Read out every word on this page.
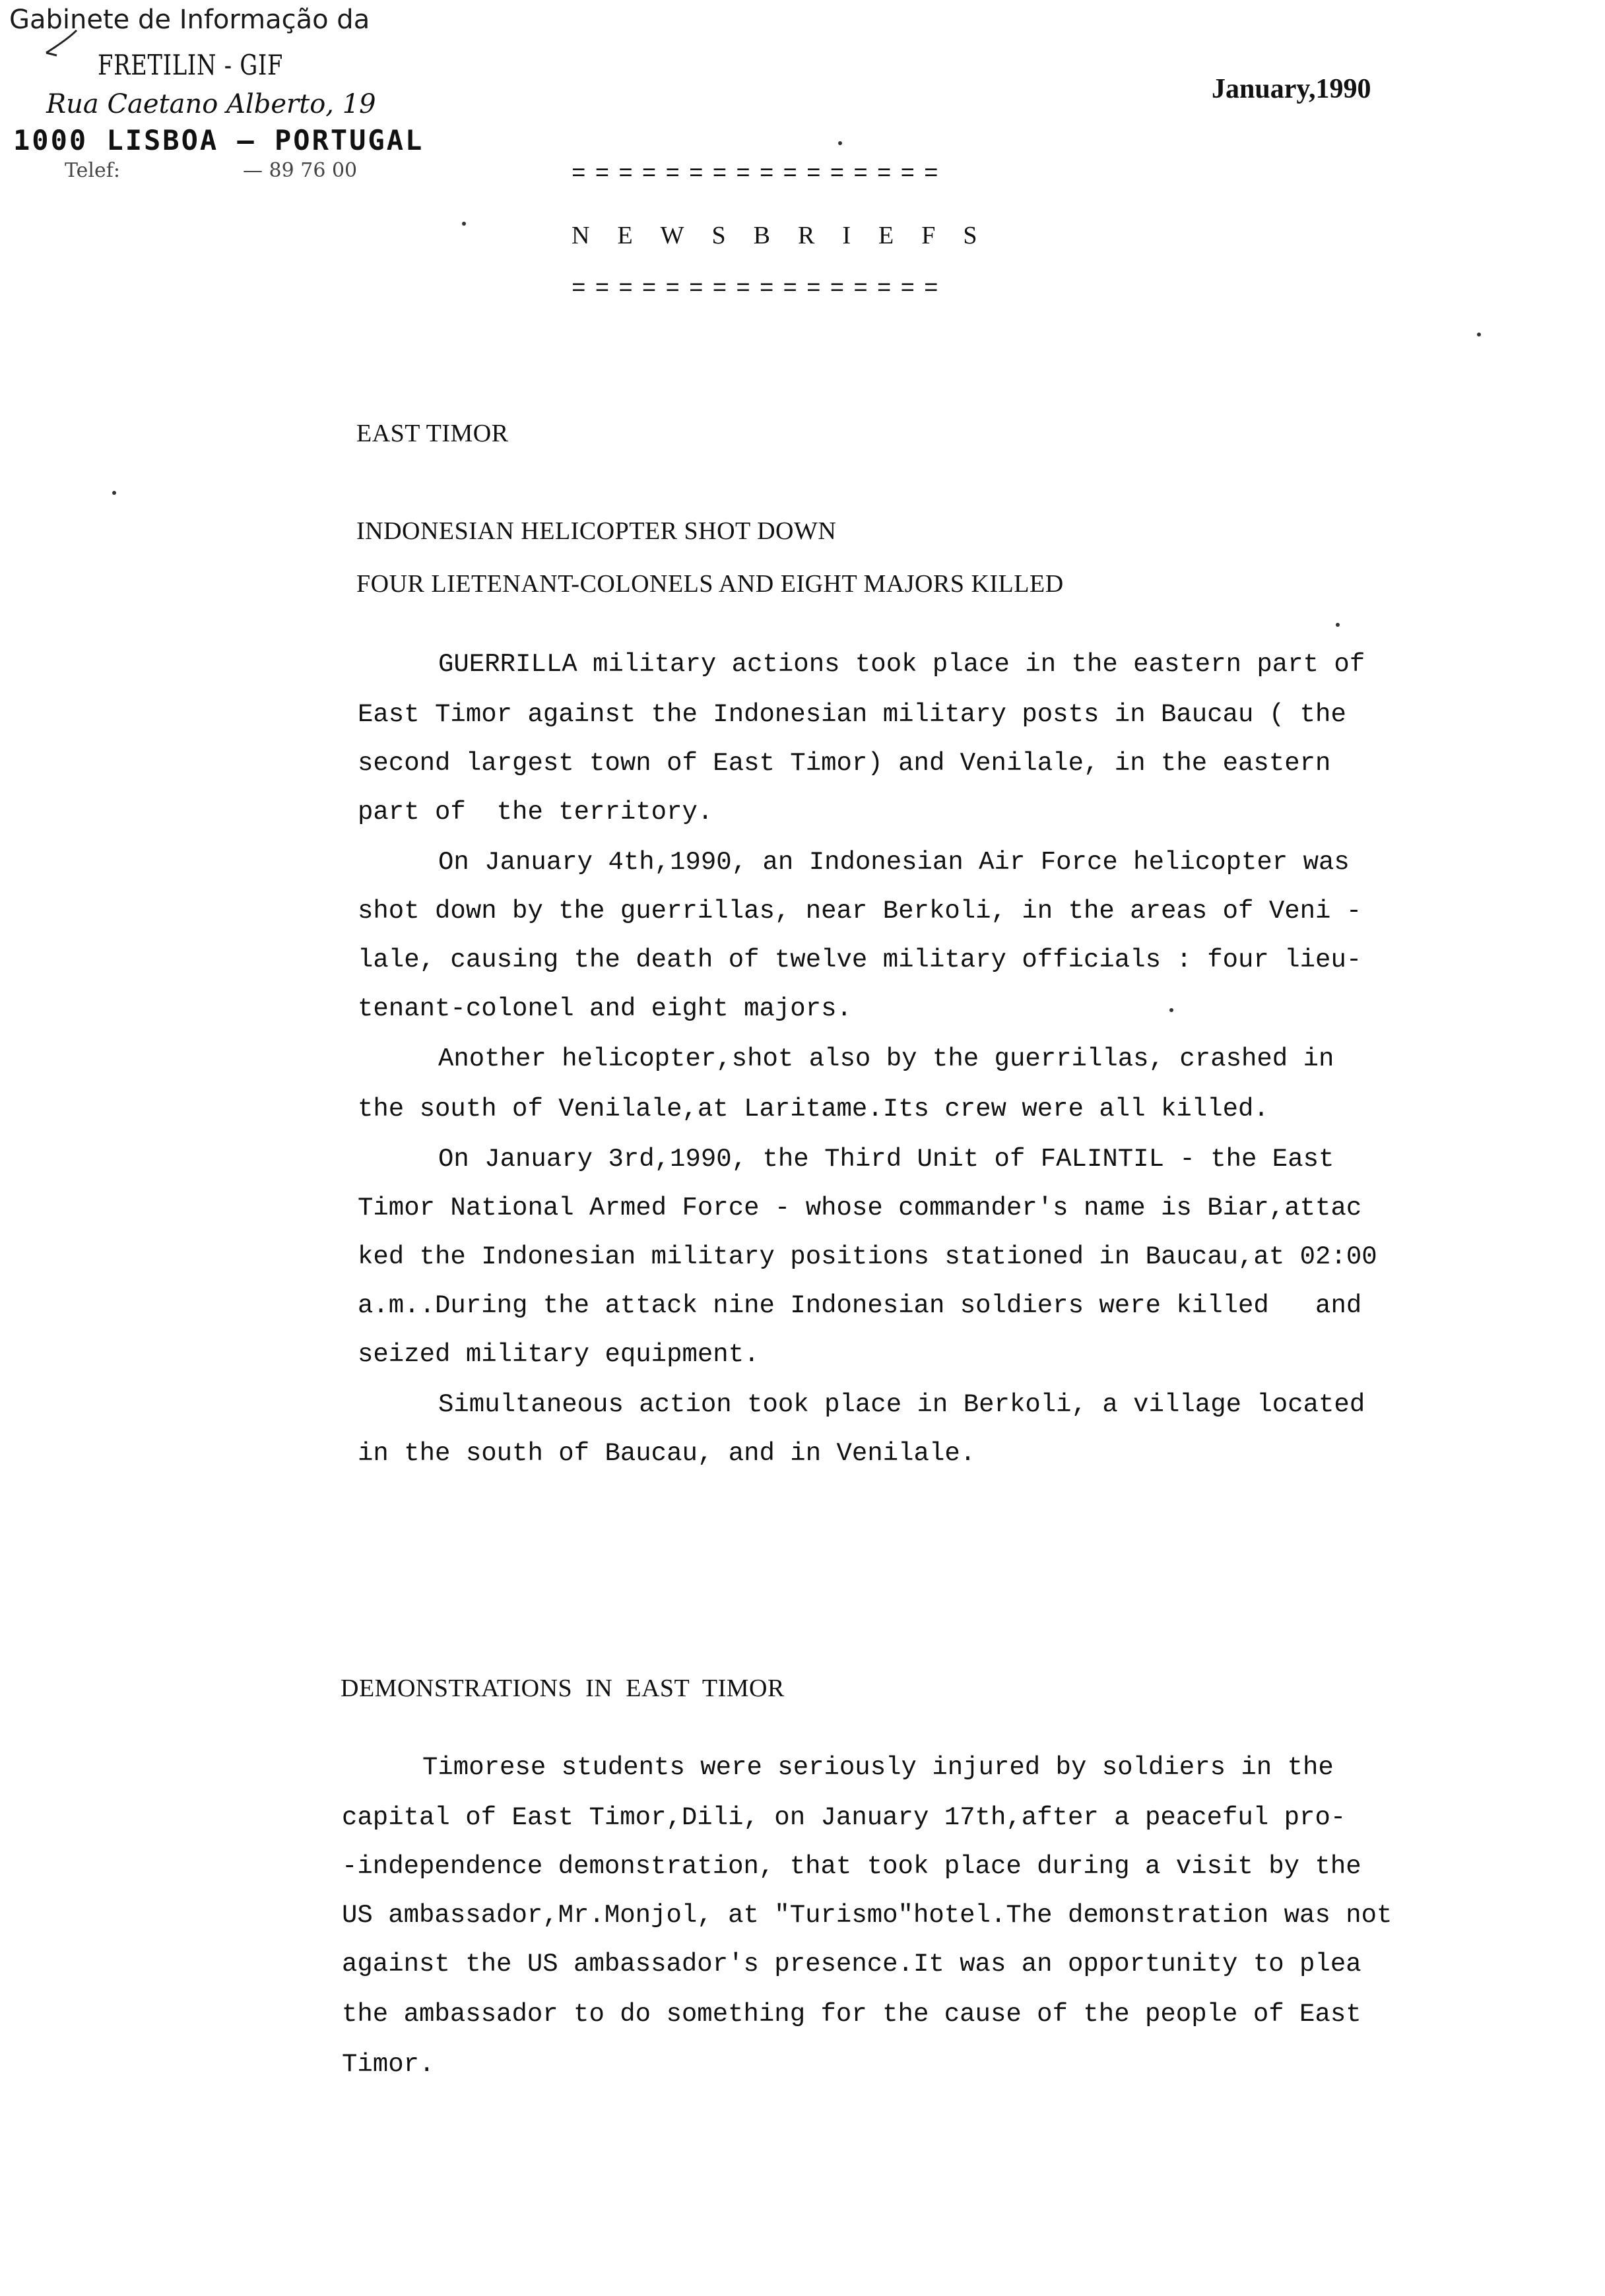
Gabinete de Informação da
FRETILIN - GIF
Rua Caetano Alberto, 19
1000 LISBOA — PORTUGAL
Telef:	— 89 76 00
January,1990
================
NEWSBRIEFS
================
EAST TIMOR
INDONESIAN HELICOPTER SHOT DOWN
FOUR LIETENANT-COLONELS AND EIGHT MAJORS KILLED
GUERRILLA military actions took place in the eastern part of
East Timor against the Indonesian military posts in Baucau ( the
second largest town of East Timor) and Venilale, in the eastern
part of  the territory.
On January 4th,1990, an Indonesian Air Force helicopter was
shot down by the guerrillas, near Berkoli, in the areas of Veni -
lale, causing the death of twelve military officials : four lieu-
tenant-colonel and eight majors.
Another helicopter,shot also by the guerrillas, crashed in
the south of Venilale,at Laritame.Its crew were all killed.
On January 3rd,1990, the Third Unit of FALINTIL - the East
Timor National Armed Force - whose commander's name is Biar,attac
ked the Indonesian military positions stationed in Baucau,at 02:00
a.m..During the attack nine Indonesian soldiers were killed   and
seized military equipment.
Simultaneous action took place in Berkoli, a village located
in the south of Baucau, and in Venilale.
DEMONSTRATIONS  IN  EAST  TIMOR
Timorese students were seriously injured by soldiers in the
capital of East Timor,Dili, on January 17th,after a peaceful pro-
-independence demonstration, that took place during a visit by the
US ambassador,Mr.Monjol, at "Turismo"hotel.The demonstration was not
against the US ambassador's presence.It was an opportunity to plea
the ambassador to do something for the cause of the people of East
Timor.
